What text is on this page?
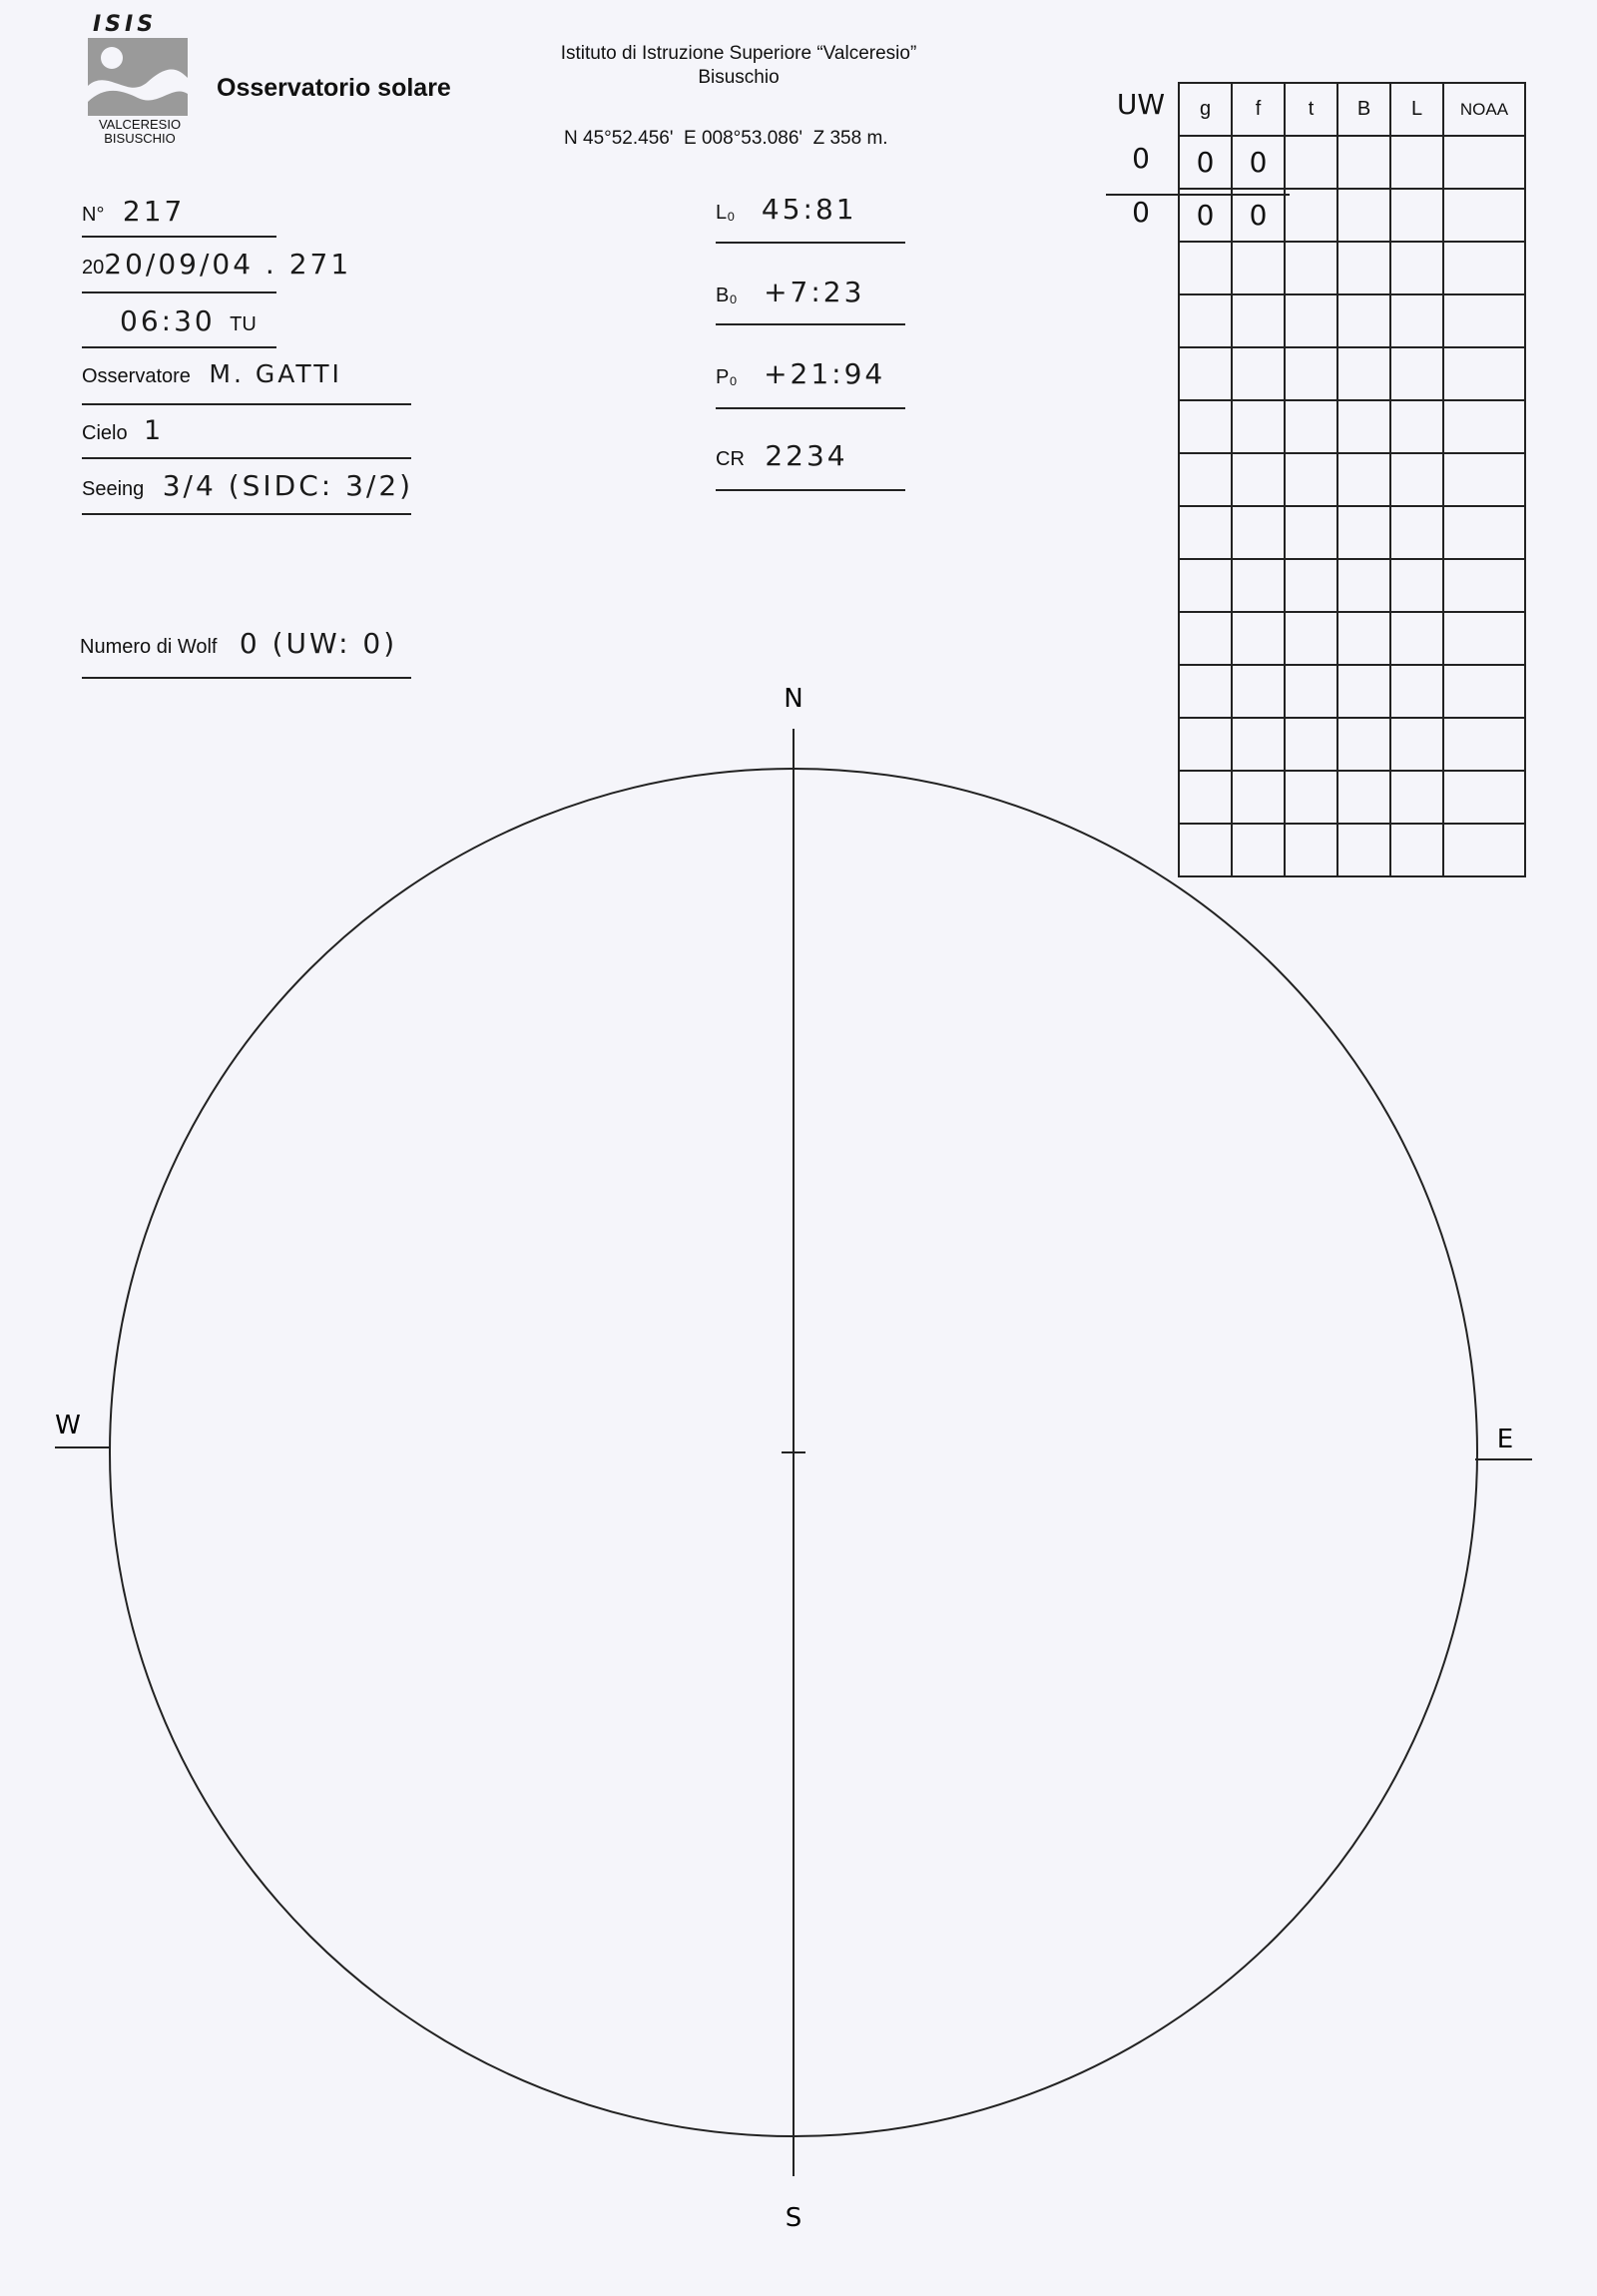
ISIS
VALCERESIO
BISUSCHIO
Osservatorio solare
Istituto di Istruzione Superiore “Valceresio”
Bisuschio
N 45°52.456'  E 008°53.086'  Z 358 m.
N° 217
2020/09/04 . 271
06:30 TU
Osservatore M. GATTI
Cielo 1
Seeing 3/4 (SIDC: 3/2)
Numero di Wolf 0 (UW: 0)
L₀ 45:81
B₀ +7:23
P₀ +21:94
CR 2234
UW
0
0
g	f	t	B	L	NOAA
0	0				
0	0				

N
S
W	E
